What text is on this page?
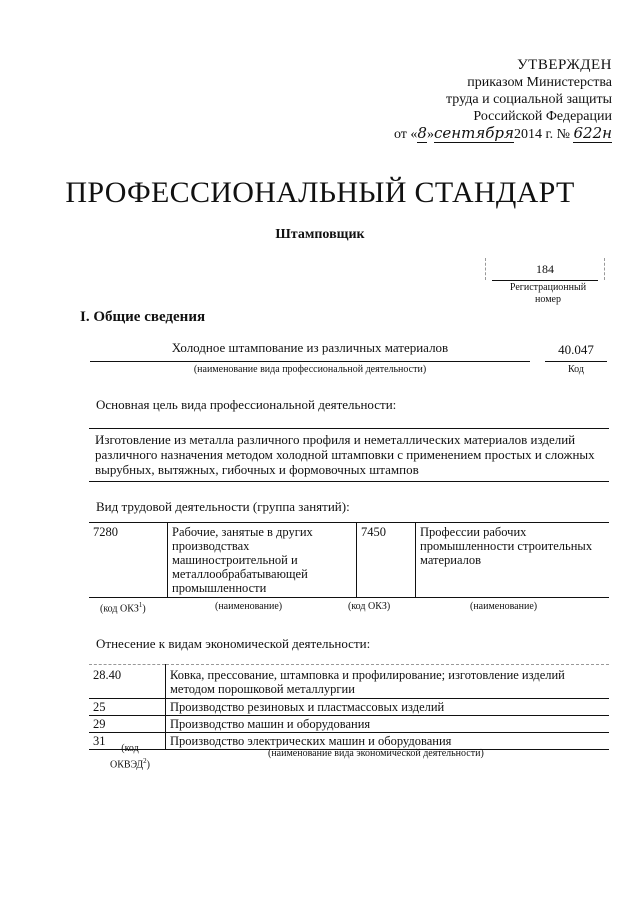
УТВЕРЖДЕН
приказом Министерства
труда и социальной защиты
Российской Федерации
от «8»сентября2014 г. № 622н
ПРОФЕССИОНАЛЬНЫЙ СТАНДАРТ
Штамповщик
184
Регистрационный
номер
I. Общие сведения
Холодное штампование из различных материалов
(наименование вида профессиональной деятельности)
40.047
Код
Основная цель вида профессиональной деятельности:
Изготовление из металла различного профиля и неметаллических материалов изделий
различного назначения методом холодной штамповки с применением простых и сложных
вырубных, вытяжных, гибочных и формовочных штампов
Вид трудовой деятельности (группа занятий):
7280	Рабочие, занятые в других
производствах
машиностроительной и
металлообрабатывающей
промышленности
	7450	Профессии рабочих
промышленности строительных
материалов
(код ОКЗ$^1$)	(наименование)	(код ОКЗ)	(наименование)
Отнесение к видам экономической деятельности:
28.40	Ковка, прессование, штамповка и профилирование; изготовление изделий
методом порошковой металлургии

25	Производство резиновых и пластмассовых изделий
29	Производство машин и оборудования
31	Производство электрических машин и оборудования
(код
ОКВЭД$^2$)
(наименование вида экономической деятельности)
